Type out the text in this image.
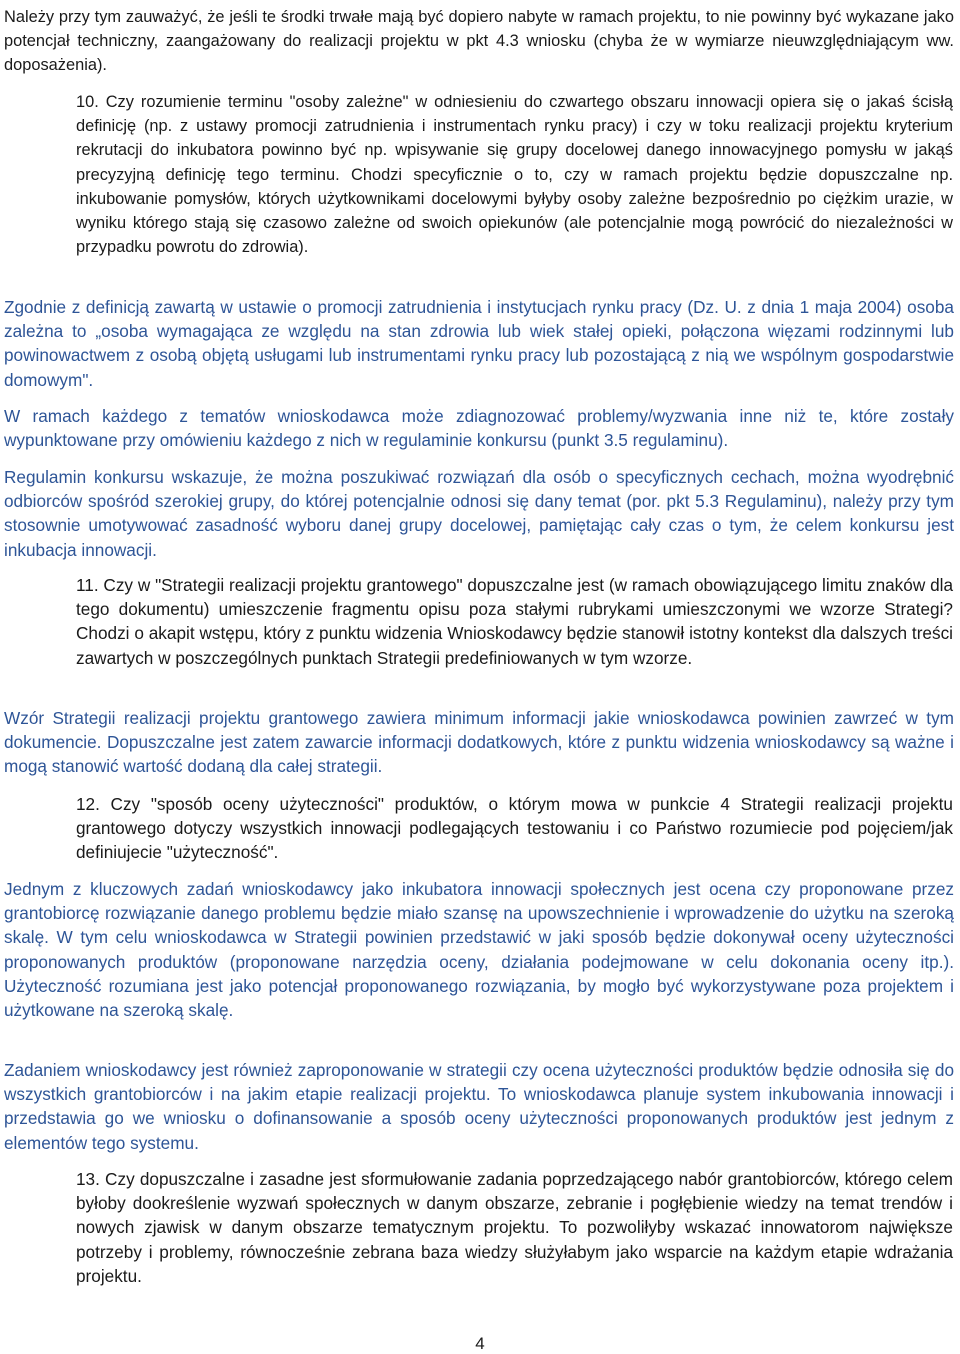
Należy przy tym zauważyć, że jeśli te środki trwałe mają być dopiero nabyte w ramach projektu, to nie powinny być wykazane jako potencjał techniczny, zaangażowany do realizacji projektu w pkt 4.3 wniosku (chyba że w wymiarze nieuwzględniającym ww. doposażenia).

10. Czy rozumienie terminu "osoby zależne" w odniesieniu do czwartego obszaru innowacji opiera się o jakaś ścisłą definicję (np. z ustawy promocji zatrudnienia i instrumentach rynku pracy) i czy w toku realizacji projektu kryterium rekrutacji do inkubatora powinno być np. wpisywanie się grupy docelowej danego innowacyjnego pomysłu w jakąś precyzyjną definicję tego terminu. Chodzi specyficznie o to, czy w ramach projektu będzie dopuszczalne np. inkubowanie pomysłów, których użytkownikami docelowymi byłyby osoby zależne bezpośrednio po ciężkim urazie, w wyniku którego stają się czasowo zależne od swoich opiekunów (ale potencjalnie mogą powrócić do niezależności w przypadku powrotu do zdrowia).

Zgodnie z definicją zawartą w ustawie o promocji zatrudnienia i instytucjach rynku pracy (Dz. U. z dnia 1 maja 2004) osoba zależna to „osoba wymagająca ze względu na stan zdrowia lub wiek stałej opieki, połączona więzami rodzinnymi lub powinowactwem z osobą objętą usługami lub instrumentami rynku pracy lub pozostającą z nią we wspólnym gospodarstwie domowym".

W ramach każdego z tematów wnioskodawca może zdiagnozować problemy/wyzwania inne niż te, które zostały wypunktowane przy omówieniu każdego z nich w regulaminie konkursu (punkt 3.5 regulaminu).

Regulamin konkursu wskazuje, że można poszukiwać rozwiązań dla osób o specyficznych cechach, można wyodrębnić odbiorców spośród szerokiej grupy, do której potencjalnie odnosi się dany temat (por. pkt 5.3 Regulaminu), należy przy tym stosownie umotywować zasadność wyboru danej grupy docelowej, pamiętając cały czas o tym, że celem konkursu jest inkubacja innowacji.

11. Czy w "Strategii realizacji projektu grantowego" dopuszczalne jest (w ramach obowiązującego limitu znaków dla tego dokumentu) umieszczenie fragmentu opisu poza stałymi rubrykami umieszczonymi we wzorze Strategi? Chodzi o akapit wstępu, który z punktu widzenia Wnioskodawcy będzie stanowił istotny kontekst dla dalszych treści zawartych w poszczególnych punktach Strategii predefiniowanych w tym wzorze.

Wzór Strategii realizacji projektu grantowego zawiera minimum informacji jakie wnioskodawca powinien zawrzeć w tym dokumencie. Dopuszczalne jest zatem zawarcie informacji dodatkowych, które z punktu widzenia wnioskodawcy są ważne i mogą stanowić wartość dodaną dla całej strategii.

12. Czy "sposób oceny użyteczności" produktów, o którym mowa w punkcie 4 Strategii realizacji projektu grantowego dotyczy wszystkich innowacji podlegających testowaniu i co Państwo rozumiecie pod pojęciem/jak definiujecie "użyteczność".

Jednym z kluczowych zadań wnioskodawcy jako inkubatora innowacji społecznych jest ocena czy proponowane przez grantobiorcę rozwiązanie danego problemu będzie miało szansę na upowszechnienie i wprowadzenie do użytku na szeroką skalę. W tym celu wnioskodawca w Strategii powinien przedstawić w jaki sposób będzie dokonywał oceny użyteczności proponowanych produktów (proponowane narzędzia oceny, działania podejmowane w celu dokonania oceny itp.). Użyteczność rozumiana jest jako potencjał proponowanego rozwiązania, by mogło być wykorzystywane poza projektem i użytkowane na szeroką skalę.

Zadaniem wnioskodawcy jest również zaproponowanie w strategii czy ocena użyteczności produktów będzie odnosiła się do wszystkich grantobiorców i na jakim etapie realizacji projektu. To wnioskodawca planuje system inkubowania innowacji i przedstawia go we wniosku o dofinansowanie a sposób oceny użyteczności proponowanych produktów jest jednym z elementów tego systemu.

13. Czy dopuszczalne i zasadne jest sformułowanie zadania poprzedzającego nabór grantobiorców, którego celem byłoby dookreślenie wyzwań społecznych w danym obszarze, zebranie i pogłębienie wiedzy na temat trendów i nowych zjawisk w danym obszarze tematycznym projektu. To pozwoliłyby wskazać innowatorom największe potrzeby i problemy, równocześnie zebrana baza wiedzy służyłabym jako wsparcie na każdym etapie wdrażania projektu.

4
